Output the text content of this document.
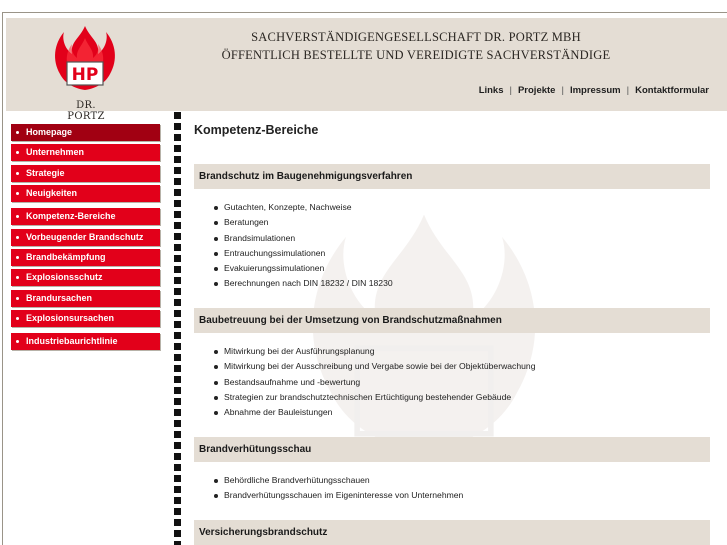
HP
DR. PORTZ
SACHVERSTÄNDIGENGESELLSCHAFT DR. PORTZ MBH
ÖFFENTLICH BESTELLTE UND VEREIDIGTE SACHVERSTÄNDIGE
Links | Projekte | Impressum | Kontaktformular
Homepage
Unternehmen
Strategie
Neuigkeiten
Kompetenz-Bereiche
Vorbeugender Brandschutz
Brandbekämpfung
Explosionsschutz
Brandursachen
Explosionsursachen
Industriebaurichtlinie
Kompetenz-Bereiche
Brandschutz im Baugenehmigungsverfahren
Gutachten, Konzepte, Nachweise
Beratungen
Brandsimulationen
Entrauchungssimulationen
Evakuierungssimulationen
Berechnungen nach DIN 18232 / DIN 18230
Baubetreuung bei der Umsetzung von Brandschutzmaßnahmen
Mitwirkung bei der Ausführungsplanung
Mitwirkung bei der Ausschreibung und Vergabe sowie bei der Objektüberwachung
Bestandsaufnahme und -bewertung
Strategien zur brandschutztechnischen Ertüchtigung bestehender Gebäude
Abnahme der Bauleistungen
Brandverhütungsschau
Behördliche Brandverhütungsschauen
Brandverhütungsschauen im Eigeninteresse von Unternehmen
Versicherungsbrandschutz
